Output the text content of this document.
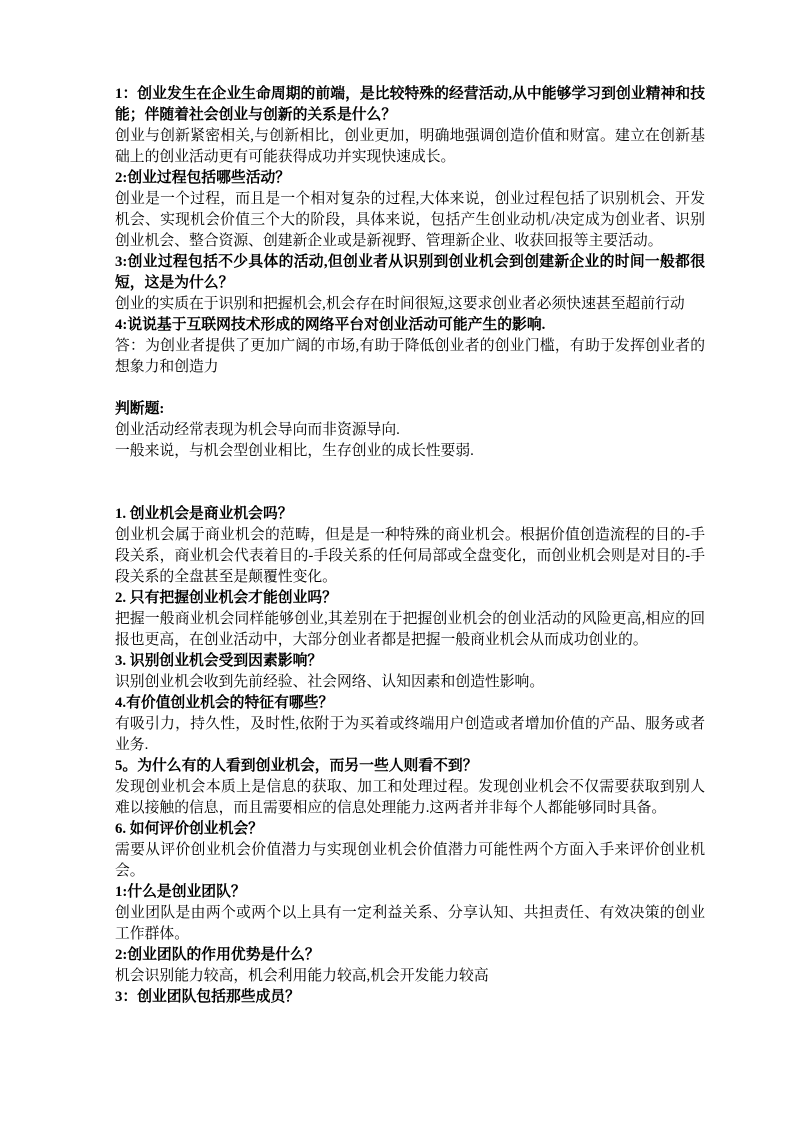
1：创业发生在企业生命周期的前端，是比较特殊的经营活动,从中能够学习到创业精神和技能；伴随着社会创业与创新的关系是什么？

创业与创新紧密相关,与创新相比，创业更加，明确地强调创造价值和财富。建立在创新基础上的创业活动更有可能获得成功并实现快速成长。

2:创业过程包括哪些活动？

创业是一个过程，而且是一个相对复杂的过程,大体来说，创业过程包括了识别机会、开发机会、实现机会价值三个大的阶段，具体来说，包括产生创业动机/决定成为创业者、识别创业机会、整合资源、创建新企业或是新视野、管理新企业、收获回报等主要活动。

3:创业过程包括不少具体的活动,但创业者从识别到创业机会到创建新企业的时间一般都很短，这是为什么？

创业的实质在于识别和把握机会,机会存在时间很短,这要求创业者必须快速甚至超前行动

4:说说基于互联网技术形成的网络平台对创业活动可能产生的影响.

答：为创业者提供了更加广阔的市场,有助于降低创业者的创业门槛，有助于发挥创业者的想象力和创造力

判断题:

创业活动经常表现为机会导向而非资源导向.

一般来说，与机会型创业相比，生存创业的成长性要弱.

1. 创业机会是商业机会吗？

创业机会属于商业机会的范畴，但是是一种特殊的商业机会。根据价值创造流程的目的-手段关系，商业机会代表着目的-手段关系的任何局部或全盘变化，而创业机会则是对目的-手段关系的全盘甚至是颠覆性变化。

2. 只有把握创业机会才能创业吗？

把握一般商业机会同样能够创业,其差别在于把握创业机会的创业活动的风险更高,相应的回报也更高，在创业活动中，大部分创业者都是把握一般商业机会从而成功创业的。

3. 识别创业机会受到因素影响？

识别创业机会收到先前经验、社会网络、认知因素和创造性影响。

4.有价值创业机会的特征有哪些？

有吸引力，持久性，及时性,依附于为买着或终端用户创造或者增加价值的产品、服务或者业务.

5。为什么有的人看到创业机会，而另一些人则看不到？

发现创业机会本质上是信息的获取、加工和处理过程。发现创业机会不仅需要获取到别人难以接触的信息，而且需要相应的信息处理能力.这两者并非每个人都能够同时具备。

6. 如何评价创业机会？

需要从评价创业机会价值潜力与实现创业机会价值潜力可能性两个方面入手来评价创业机会。

1:什么是创业团队？

创业团队是由两个或两个以上具有一定利益关系、分享认知、共担责任、有效决策的创业工作群体。

2:创业团队的作用优势是什么？

机会识别能力较高，机会利用能力较高,机会开发能力较高

3：创业团队包括那些成员？
